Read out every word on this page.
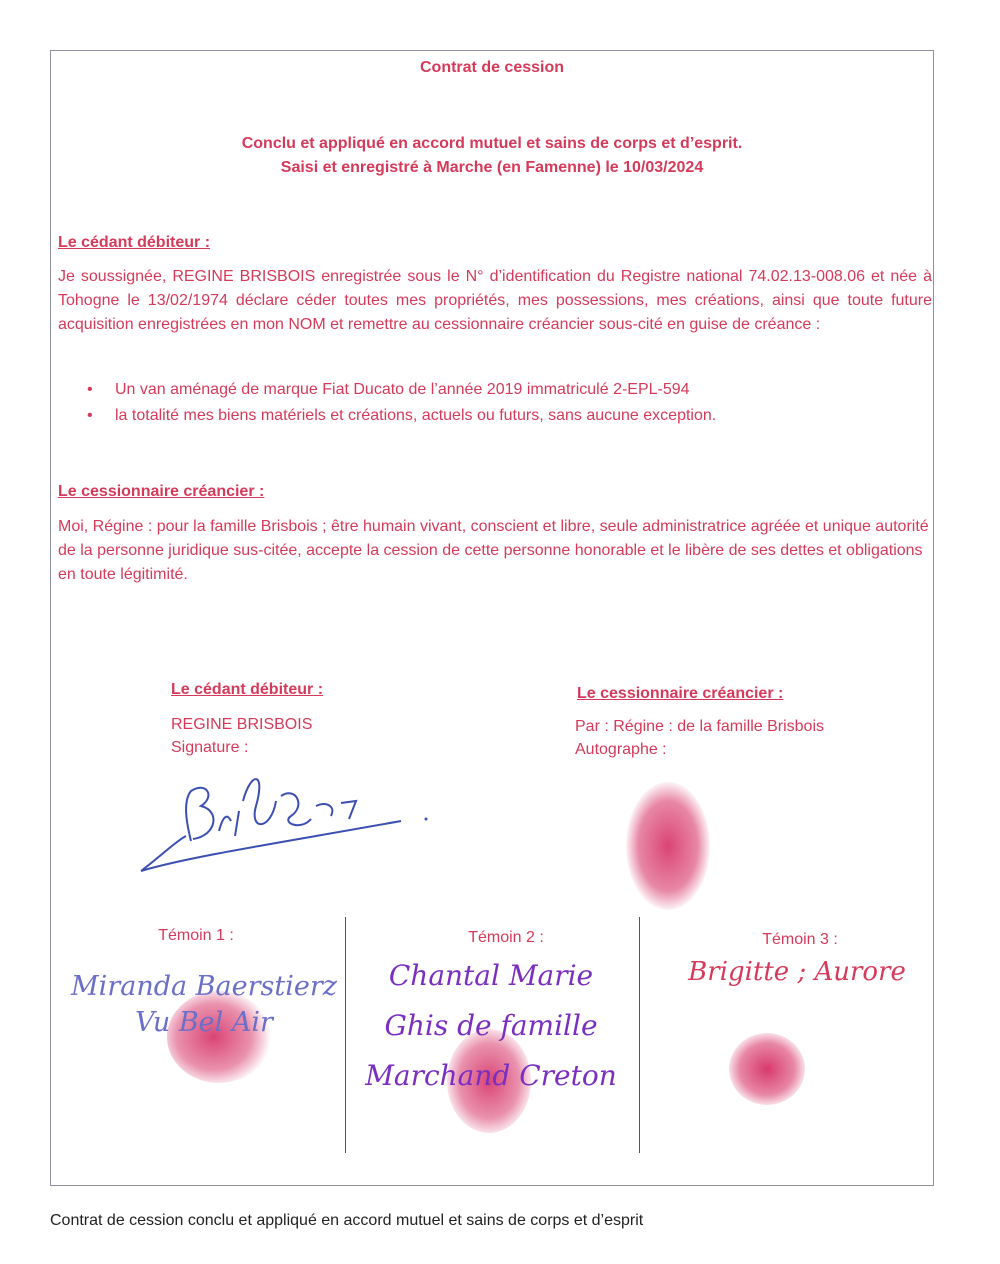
Contrat de cession
Conclu et appliqué en accord mutuel et sains de corps et d’esprit.
Saisi et enregistré à Marche (en Famenne) le 10/03/2024
Le cédant débiteur :
Je soussignée, REGINE BRISBOIS enregistrée sous le N° d’identification du Registre national 74.02.13-008.06 et née à Tohogne le 13/02/1974 déclare céder toutes mes propriétés, mes possessions, mes créations, ainsi que toute future acquisition enregistrées en mon NOM et remettre au cessionnaire créancier sous-cité en guise de créance :
• Un van aménagé de marque Fiat Ducato de l’année 2019 immatriculé 2-EPL-594
• la totalité mes biens matériels et créations, actuels ou futurs, sans aucune exception.
Le cessionnaire créancier :
Moi, Régine : pour la famille Brisbois ; être humain vivant, conscient et libre, seule administratrice agréée et unique autorité de la personne juridique sus-citée, accepte la cession de cette personne honorable et le libère de ses dettes et obligations en toute légitimité.
Le cédant débiteur :
REGINE BRISBOIS
Signature :
Le cessionnaire créancier :
Par : Régine : de la famille Brisbois
Autographe :
Témoin 1 :	Témoin 2 :	Témoin 3 :
Miranda Baerstierz
Vu Bel Air
Chantal Marie
Ghis de famille
Marchand Creton
Brigitte ; Aurore
Contrat de cession conclu et appliqué en accord mutuel et sains de corps et d’esprit
